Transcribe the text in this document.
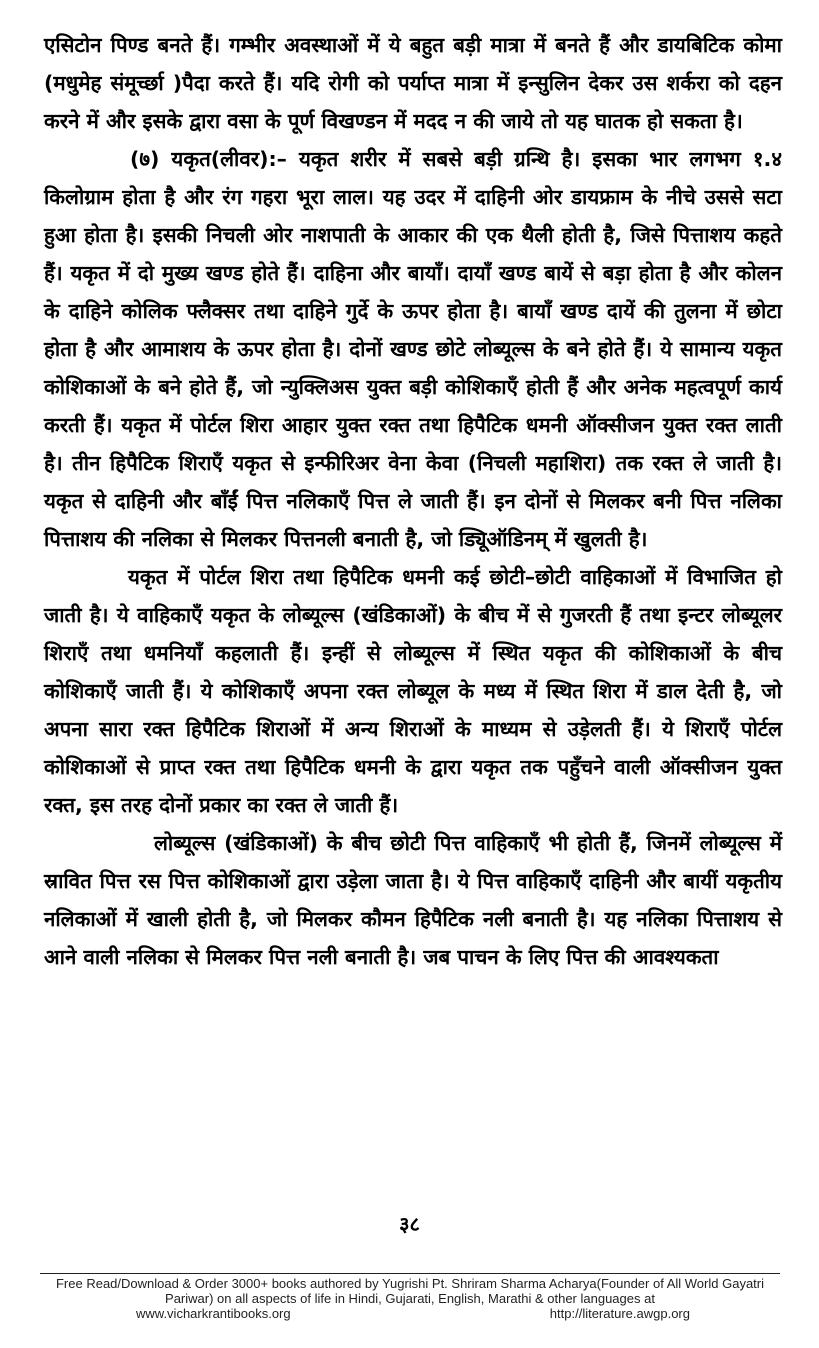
एसिटोन पिण्ड बनते हैं। गम्भीर अवस्थाओं में ये बहुत बड़ी मात्रा में बनते हैं और डायबिटिक कोमा (मधुमेह संमूर्च्छा )पैदा करते हैं। यदि रोगी को पर्याप्त मात्रा में इन्सुलिन देकर उस शर्करा को दहन करने में और इसके द्वारा वसा के पूर्ण विखण्डन में मदद न की जाये तो यह घातक हो सकता है।

(७) यकृत(लीवर):– यकृत शरीर में सबसे बड़ी ग्रन्थि है। इसका भार लगभग १.४ किलोग्राम होता है और रंग गहरा भूरा लाल। यह उदर में दाहिनी ओर डायफ्राम के नीचे उससे सटा हुआ होता है। इसकी निचली ओर नाशपाती के आकार की एक थैली होती है, जिसे पित्ताशय कहते हैं। यकृत में दो मुख्य खण्ड होते हैं। दाहिना और बायाँ। दायाँ खण्ड बायें से बड़ा होता है और कोलन के दाहिने कोलिक फ्लैक्सर तथा दाहिने गुर्दे के ऊपर होता है। बायाँ खण्ड दायें की तुलना में छोटा होता है और आमाशय के ऊपर होता है। दोनों खण्ड छोटे लोब्यूल्स के बने होते हैं। ये सामान्य यकृत कोशिकाओं के बने होते हैं, जो न्युक्लिअस युक्त बड़ी कोशिकाएँ होती हैं और अनेक महत्वपूर्ण कार्य करती हैं। यकृत में पोर्टल शिरा आहार युक्त रक्त तथा हिपैटिक धमनी ऑक्सीजन युक्त रक्त लाती है। तीन हिपैटिक शिराएँ यकृत से इन्फीरिअर वेना केवा (निचली महाशिरा) तक रक्त ले जाती है। यकृत से दाहिनी और बाँईं पित्त नलिकाएँ पित्त ले जाती हैं। इन दोनों से मिलकर बनी पित्त नलिका पित्ताशय की नलिका से मिलकर पित्तनली बनाती है, जो ड्यिूऑडिनम् में खुलती है।

यकृत में पोर्टल शिरा तथा हिपैटिक धमनी कई छोटी–छोटी वाहिकाओं में विभाजित हो जाती है। ये वाहिकाएँ यकृत के लोब्यूल्स (खंडिकाओं) के बीच में से गुजरती हैं तथा इन्टर लोब्यूलर शिराएँ तथा धमनियाँ कहलाती हैं। इन्हीं से लोब्यूल्स में स्थित यकृत की कोशिकाओं के बीच कोशिकाएँ जाती हैं। ये कोशिकाएँ अपना रक्त लोब्यूल के मध्य में स्थित शिरा में डाल देती है, जो अपना सारा रक्त हिपैटिक शिराओं में अन्य शिराओं के माध्यम से उड़ेलती हैं। ये शिराएँ पोर्टल कोशिकाओं से प्राप्त रक्त तथा हिपैटिक धमनी के द्वारा यकृत तक पहुँचने वाली ऑक्सीजन युक्त रक्त, इस तरह दोनों प्रकार का रक्त ले जाती हैं।

लोब्यूल्स (खंडिकाओं) के बीच छोटी पित्त वाहिकाएँ भी होती हैं, जिनमें लोब्यूल्स में स्रावित पित्त रस पित्त कोशिकाओं द्वारा उड़ेला जाता है। ये पित्त वाहिकाएँ दाहिनी और बायीं यकृतीय नलिकाओं में खाली होती है, जो मिलकर कौमन हिपैटिक नली बनाती है। यह नलिका पित्ताशय से आने वाली नलिका से मिलकर पित्त नली बनाती है। जब पाचन के लिए पित्त की आवश्यकता

३८

Free Read/Download & Order 3000+ books authored by Yugrishi Pt. Shriram Sharma Acharya(Founder of All World Gayatri Pariwar) on all aspects of life in Hindi, Gujarati, English, Marathi & other languages at

www.vicharkrantibooks.org	http://literature.awgp.org
